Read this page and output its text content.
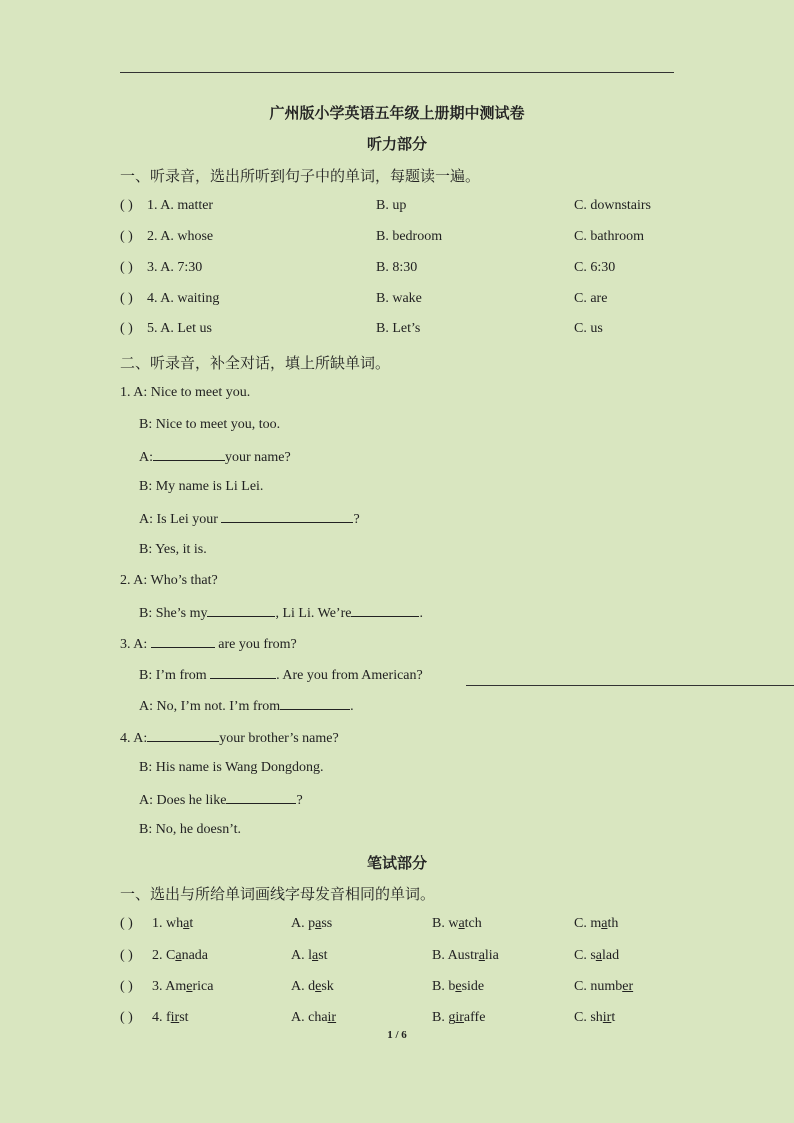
广州版小学英语五年级上册期中测试卷
听力部分
一、听录音，选出所听到句子中的单词，每题读一遍。
( ) 1. A. matter	B. up	C. downstairs
( ) 2. A. whose	B. bedroom	C. bathroom
( ) 3. A. 7:30	B. 8:30	C. 6:30
( ) 4. A. waiting	B. wake	C. are
( ) 5. A. Let us	B. Let’s	C. us
二、听录音，补全对话，填上所缺单词。
1. A: Nice to meet you.
B: Nice to meet you, too.
A:	your name?
B: My name is Li Lei.
A: Is Lei your	?
B: Yes, it is.
2. A: Who’s that?
B: She’s my	, Li Li. We’re	.
3. A:	are you from?
B: I’m from	. Are you from American?
A: No, I’m not. I’m from	.
4. A:	your brother’s name?
B: His name is Wang Dongdong.
A: Does he like	?
B: No, he doesn’t.
笔试部分
一、选出与所给单词画线字母发音相同的单词。
( ) 1. what	A. pass	B. watch	C. math
( ) 2. Canada	A. last	B. Australia	C. salad
( ) 3. America	A. desk	B. beside	C. number
( ) 4. first	A. chair	B. giraffe	C. shirt
1 / 6
